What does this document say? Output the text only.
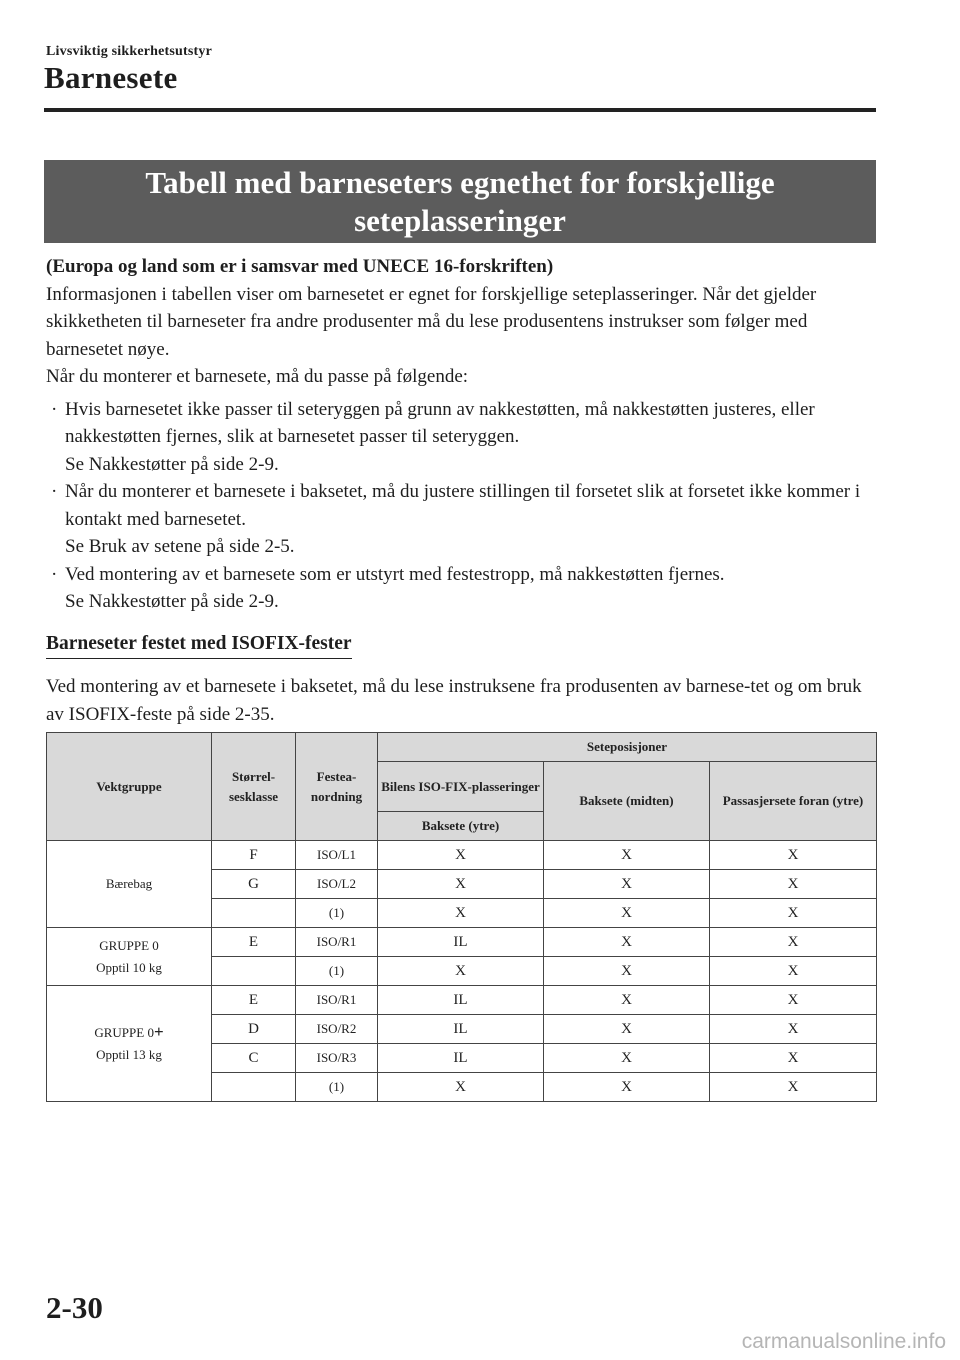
Livsviktig sikkerhetsutstyr
Barnesete
Tabell med barneseters egnethet for forskjellige
seteplasseringer
(Europa og land som er i samsvar med UNECE 16-forskriften)
Informasjonen i tabellen viser om barnesetet er egnet for forskjellige seteplasseringer. Når det gjelder skikketheten til barneseter fra andre produsenter må du lese produsentens instrukser som følger med barnesetet nøye.
Når du monterer et barnesete, må du passe på følgende:
· Hvis barnesetet ikke passer til seteryggen på grunn av nakkestøtten, må nakkestøtten justeres, eller nakkestøtten fjernes, slik at barnesetet passer til seteryggen.
Se Nakkestøtter på side 2-9.
· Når du monterer et barnesete i baksetet, må du justere stillingen til forsetet slik at forsetet ikke kommer i kontakt med barnesetet.
Se Bruk av setene på side 2-5.
· Ved montering av et barnesete som er utstyrt med festestropp, må nakkestøtten fjernes.
Se Nakkestøtter på side 2-9.
Barneseter festet med ISOFIX-fester
Ved montering av et barnesete i baksetet, må du lese instruksene fra produsenten av barnese-tet og om bruk av ISOFIX-feste på side 2-35.
Vektgruppe	Størrel-sesklasse	Festea-nordning	Seteposisjoner		
			Bilens ISO-FIX-plasseringer	Baksete (midten)	Passasjersete foran (ytre)
			Baksete (ytre)		
Bærebag	F	ISO/L1	X	X	X
	G	ISO/L2	X	X	X
		(1)	X	X	X

GRUPPE 0
Opptil 10 kg	E	ISO/R1	IL	X	X
		(1)	X	X	X

GRUPPE 0+
Opptil 13 kg	E	ISO/R1	IL	X	X
	D	ISO/R2	IL	X	X
	C	ISO/R3	IL	X	X
		(1)	X	X	X
2-30
carmanualsonline.info
